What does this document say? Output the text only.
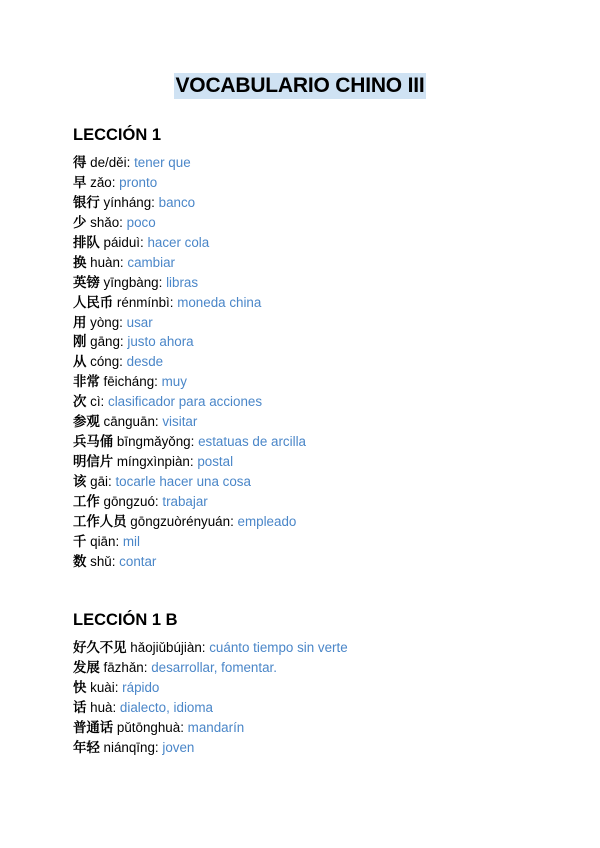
VOCABULARIO CHINO III
LECCIÓN 1
得 de/děi: tener que
早 zǎo: pronto
银行 yínháng: banco
少 shǎo: poco
排队 páiduì: hacer cola
换 huàn: cambiar
英镑 yīngbàng: libras
人民币 rénmínbì: moneda china
用 yòng: usar
刚 gāng: justo ahora
从 cóng: desde
非常 fēicháng: muy
次 cì: clasificador para acciones
参观 cānguān: visitar
兵马俑 bīngmǎyǒng: estatuas de arcilla
明信片 míngxìnpiàn: postal
该 gāi: tocarle hacer una cosa
工作 gōngzuó: trabajar
工作人员 gōngzuòrényuán: empleado
千 qiān: mil
数 shǔ: contar
LECCIÓN 1 B
好久不见 hǎojiǔbújiàn: cuánto tiempo sin verte
发展 fāzhǎn: desarrollar, fomentar.
快 kuài: rápido
话 huà: dialecto, idioma
普通话 pǔtōnghuà: mandarín
年轻 niánqīng: joven
